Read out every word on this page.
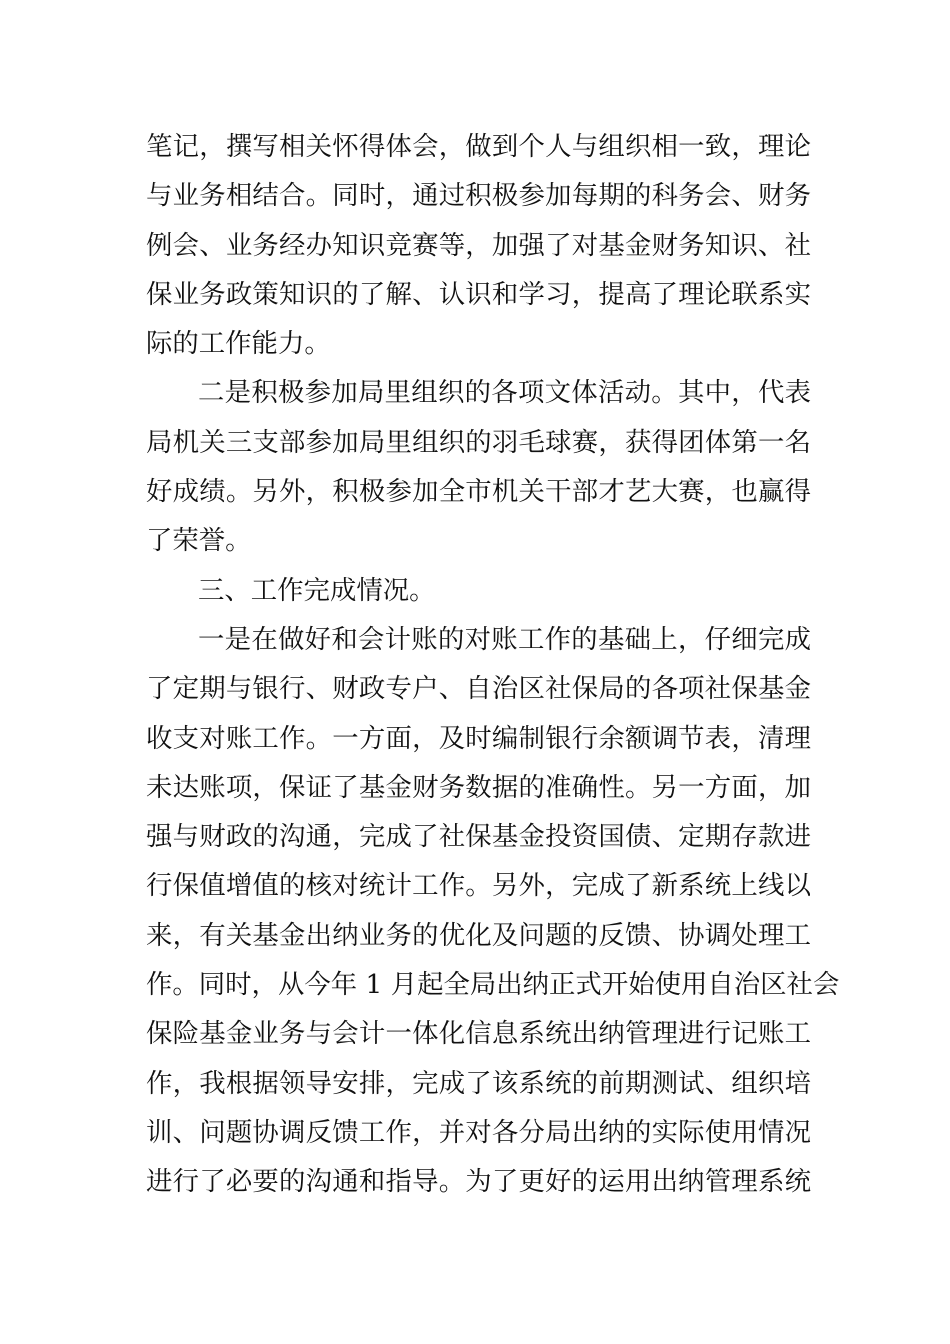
笔记，撰写相关怀得体会，做到个人与组织相一致，理论
与业务相结合。同时，通过积极参加每期的科务会、财务
例会、业务经办知识竞赛等，加强了对基金财务知识、社
保业务政策知识的了解、认识和学习，提高了理论联系实
际的工作能力。
二是积极参加局里组织的各项文体活动。其中，代表
局机关三支部参加局里组织的羽毛球赛，获得团体第一名
好成绩。另外，积极参加全市机关干部才艺大赛，也赢得
了荣誉。
三、工作完成情况。
一是在做好和会计账的对账工作的基础上，仔细完成
了定期与银行、财政专户、自治区社保局的各项社保基金
收支对账工作。一方面，及时编制银行余额调节表，清理
未达账项，保证了基金财务数据的准确性。另一方面，加
强与财政的沟通，完成了社保基金投资国债、定期存款进
行保值增值的核对统计工作。另外，完成了新系统上线以
来，有关基金出纳业务的优化及问题的反馈、协调处理工
作。同时，从今年 1 月起全局出纳正式开始使用自治区社会
保险基金业务与会计一体化信息系统出纳管理进行记账工
作，我根据领导安排，完成了该系统的前期测试、组织培
训、问题协调反馈工作，并对各分局出纳的实际使用情况
进行了必要的沟通和指导。为了更好的运用出纳管理系统
